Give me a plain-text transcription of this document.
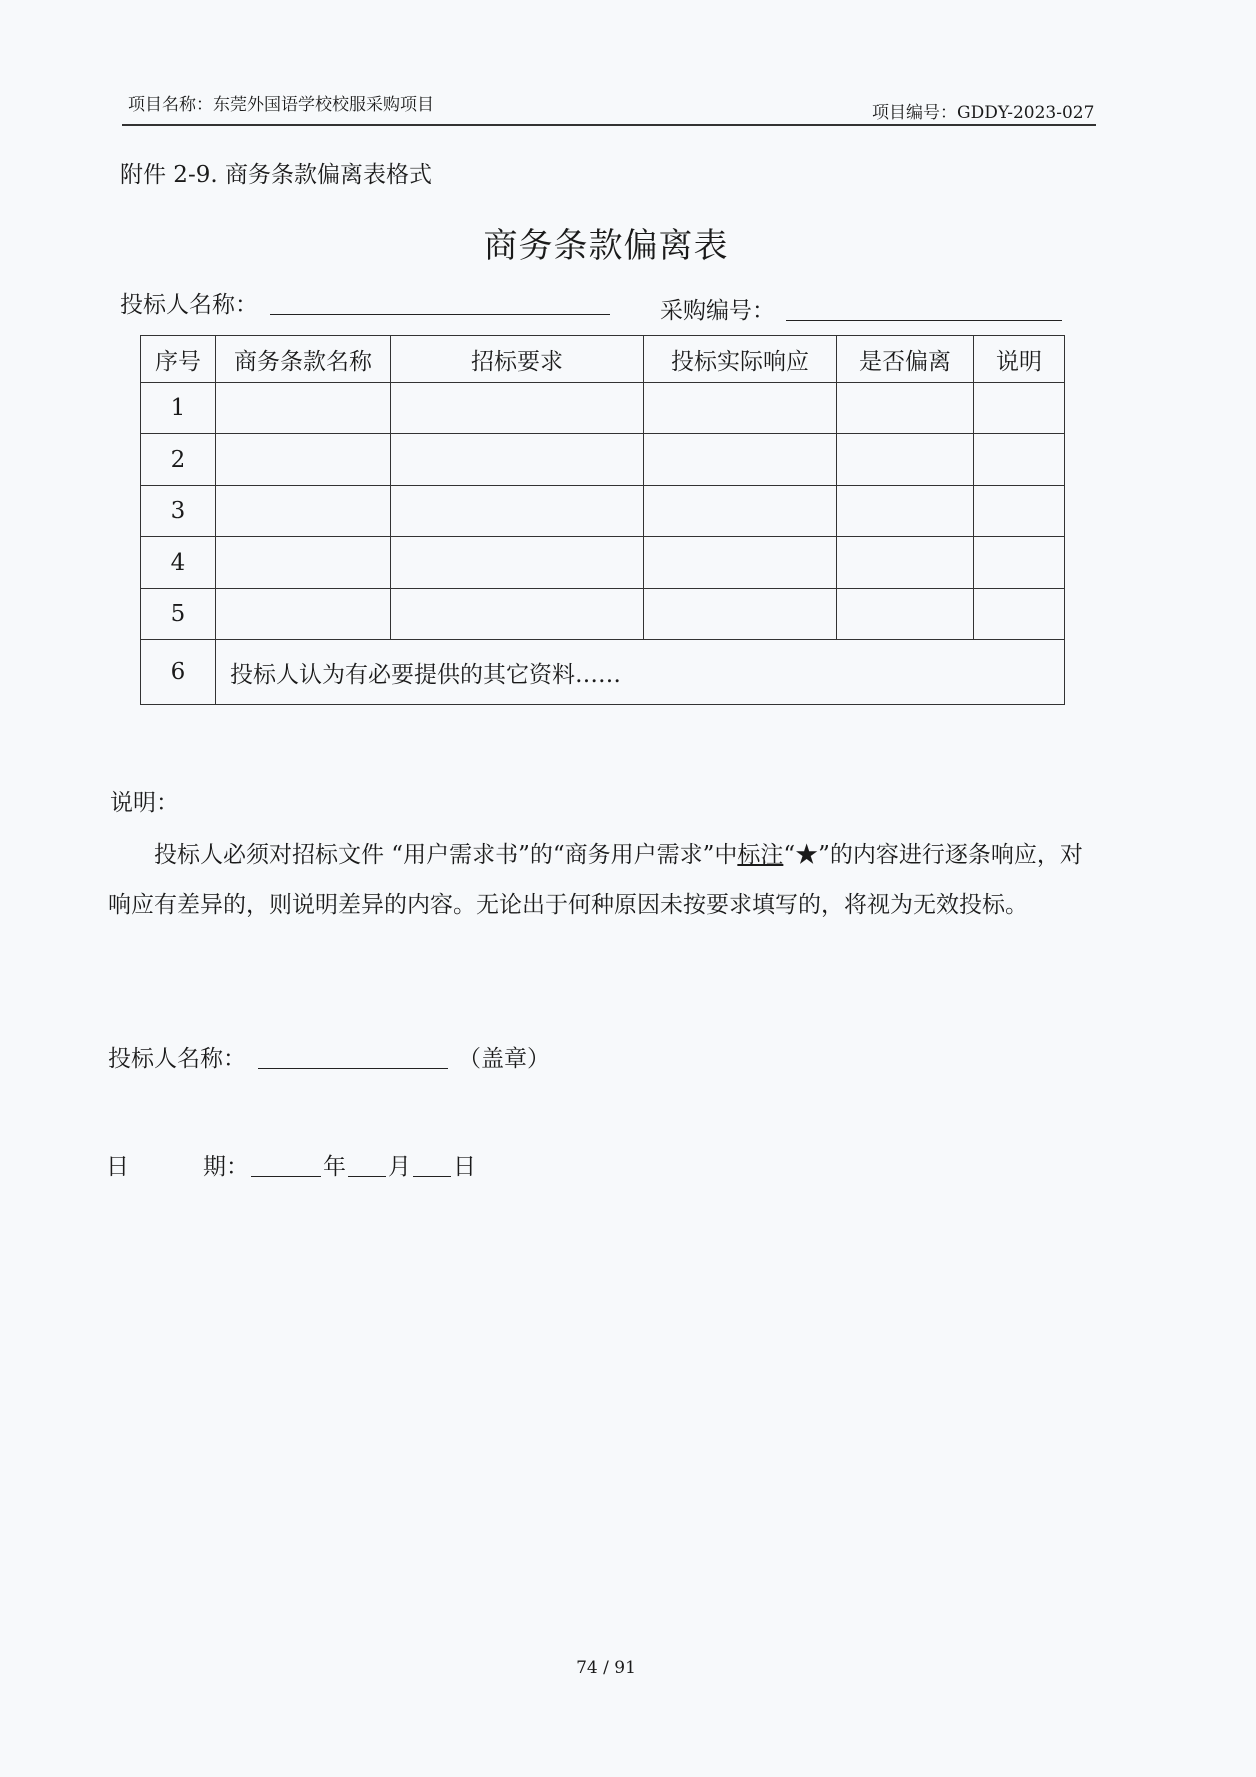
项目名称：东莞外国语学校校服采购项目	项目编号：GDDY-2023-027
附件 2-9. 商务条款偏离表格式
商务条款偏离表
投标人名称：	采购编号：
序号	商务条款名称	招标要求	投标实际响应	是否偏离	说明
1					
2					
3					
4					
5					
6	投标人认为有必要提供的其它资料……				
说明：
投标人必须对招标文件 “用户需求书”的“商务用户需求”中标注“★”的内容进行逐条响应，对响应有差异的，则说明差异的内容。无论出于何种原因未按要求填写的，将视为无效投标。
投标人名称：	（盖章）
日	期：	年 月 日
74 / 91
